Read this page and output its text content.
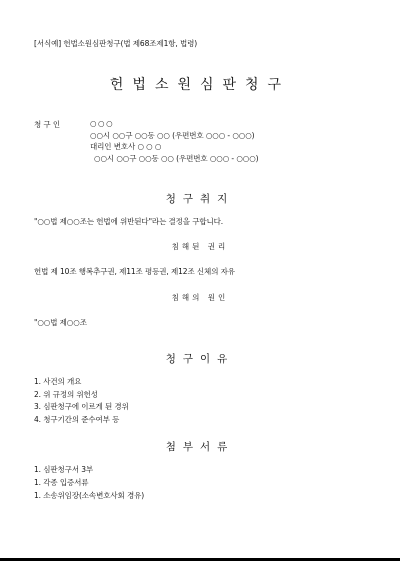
[서식예] 헌법소원심판청구(법 제68조제1항, 법령)
헌법소원심판청구
청 구 인	○○○
○○시 ○○구 ○○동 ○○ (우편번호 ○○○ - ○○○)
대리인 변호사 ○ ○ ○
○○시 ○○구 ○○동 ○○ (우편번호 ○○○ - ○○○)
청구취지
"○○법 제○○조는 헌법에 위반된다"라는 결정을 구합니다.
침해된 권리
헌법 제 10조 행복추구권, 제11조 평등권, 제12조 신체의 자유
침해의 원인
"○○법 제○○조
청구이유
1. 사건의 개요
2. 위 규정의 위헌성
3. 심판청구에 이르게 된 경위
4. 청구기간의 준수여부 등
첨부서류
1. 심판청구서 3부
1. 각종 입증서류
1. 소송위임장(소속변호사회 경유)
